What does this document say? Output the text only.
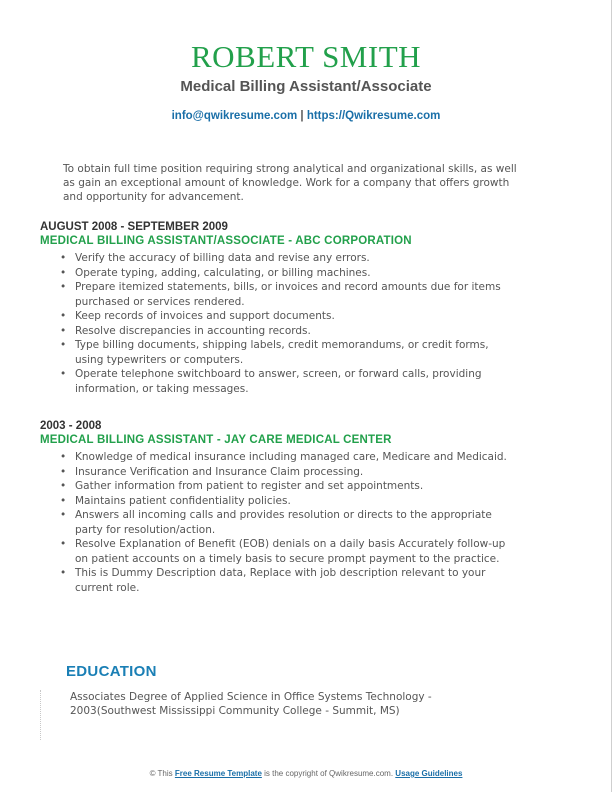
ROBERT SMITH
Medical Billing Assistant/Associate
info@qwikresume.com | https://Qwikresume.com
To obtain full time position requiring strong analytical and organizational skills, as well as gain an exceptional amount of knowledge. Work for a company that offers growth and opportunity for advancement.
AUGUST 2008 - SEPTEMBER 2009
MEDICAL BILLING ASSISTANT/ASSOCIATE - ABC CORPORATION
• Verify the accuracy of billing data and revise any errors.
• Operate typing, adding, calculating, or billing machines.
• Prepare itemized statements, bills, or invoices and record amounts due for items purchased or services rendered.
• Keep records of invoices and support documents.
• Resolve discrepancies in accounting records.
• Type billing documents, shipping labels, credit memorandums, or credit forms, using typewriters or computers.
• Operate telephone switchboard to answer, screen, or forward calls, providing information, or taking messages.
2003 - 2008
MEDICAL BILLING ASSISTANT - JAY CARE MEDICAL CENTER
• Knowledge of medical insurance including managed care, Medicare and Medicaid.
• Insurance Verification and Insurance Claim processing.
• Gather information from patient to register and set appointments.
• Maintains patient confidentiality policies.
• Answers all incoming calls and provides resolution or directs to the appropriate party for resolution/action.
• Resolve Explanation of Benefit (EOB) denials on a daily basis Accurately follow-up on patient accounts on a timely basis to secure prompt payment to the practice.
• This is Dummy Description data, Replace with job description relevant to your current role.
EDUCATION
Associates Degree of Applied Science in Office Systems Technology - 2003(Southwest Mississippi Community College - Summit, MS)
© This Free Resume Template is the copyright of Qwikresume.com. Usage Guidelines
